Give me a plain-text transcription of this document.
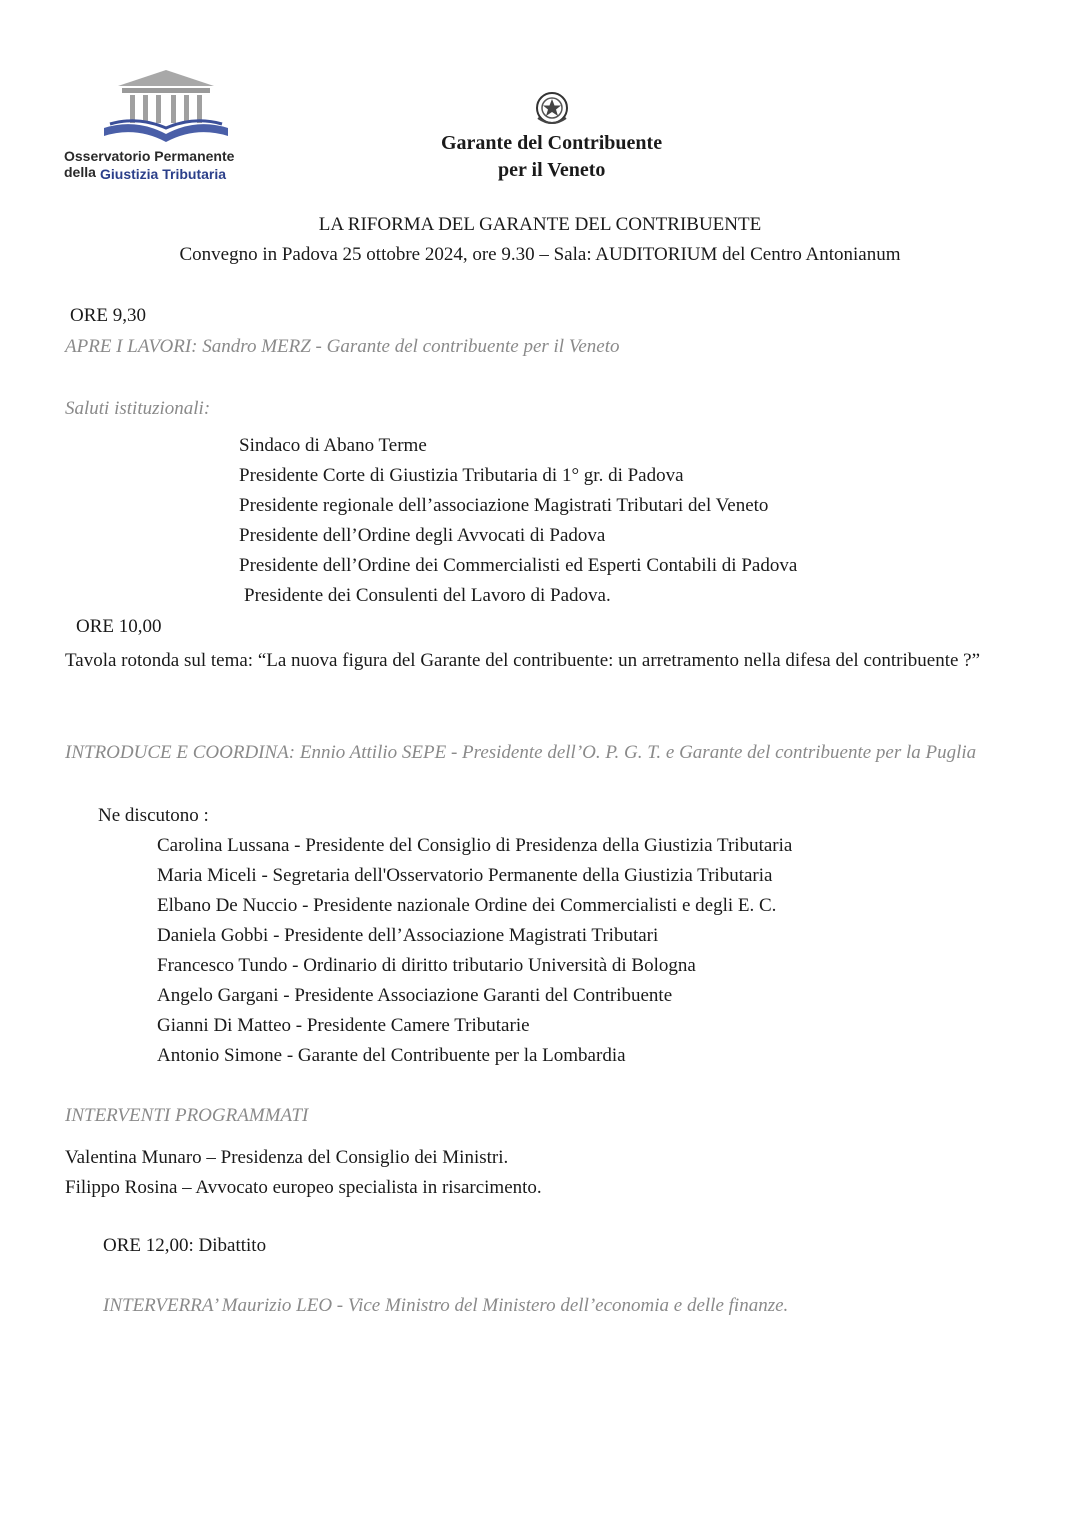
Osservatorio Permanente della Giustizia Tributaria
Garante del Contribuente
per il Veneto
LA RIFORMA DEL GARANTE DEL CONTRIBUENTE
Convegno in Padova 25 ottobre 2024, ore 9.30 – Sala: AUDITORIUM del Centro Antonianum
ORE 9,30
APRE I LAVORI: Sandro MERZ - Garante del contribuente per il Veneto
Saluti istituzionali:
Sindaco di Abano Terme
Presidente Corte di Giustizia Tributaria di 1° gr. di Padova
Presidente regionale dell’associazione Magistrati Tributari del Veneto
Presidente dell’Ordine degli Avvocati di Padova
Presidente dell’Ordine dei Commercialisti ed Esperti Contabili di Padova
Presidente dei Consulenti del Lavoro di Padova.
ORE 10,00
Tavola rotonda sul tema: “La nuova figura del Garante del contribuente: un arretramento nella difesa del contribuente ?”
INTRODUCE E COORDINA: Ennio Attilio SEPE - Presidente dell’O. P. G. T. e Garante del contribuente per la Puglia
Ne discutono :
Carolina Lussana - Presidente del Consiglio di Presidenza della Giustizia Tributaria
Maria Miceli - Segretaria dell'Osservatorio Permanente della Giustizia Tributaria
Elbano De Nuccio - Presidente nazionale Ordine dei Commercialisti e degli E. C.
Daniela Gobbi - Presidente dell’Associazione Magistrati Tributari
Francesco Tundo - Ordinario di diritto tributario Università di Bologna
Angelo Gargani - Presidente Associazione Garanti del Contribuente
Gianni Di Matteo - Presidente Camere Tributarie
Antonio Simone - Garante del Contribuente per la Lombardia
INTERVENTI PROGRAMMATI
Valentina Munaro – Presidenza del Consiglio dei Ministri.
Filippo Rosina – Avvocato europeo specialista in risarcimento.
ORE 12,00: Dibattito
INTERVERRA’ Maurizio LEO - Vice Ministro del Ministero dell’economia e delle finanze.
